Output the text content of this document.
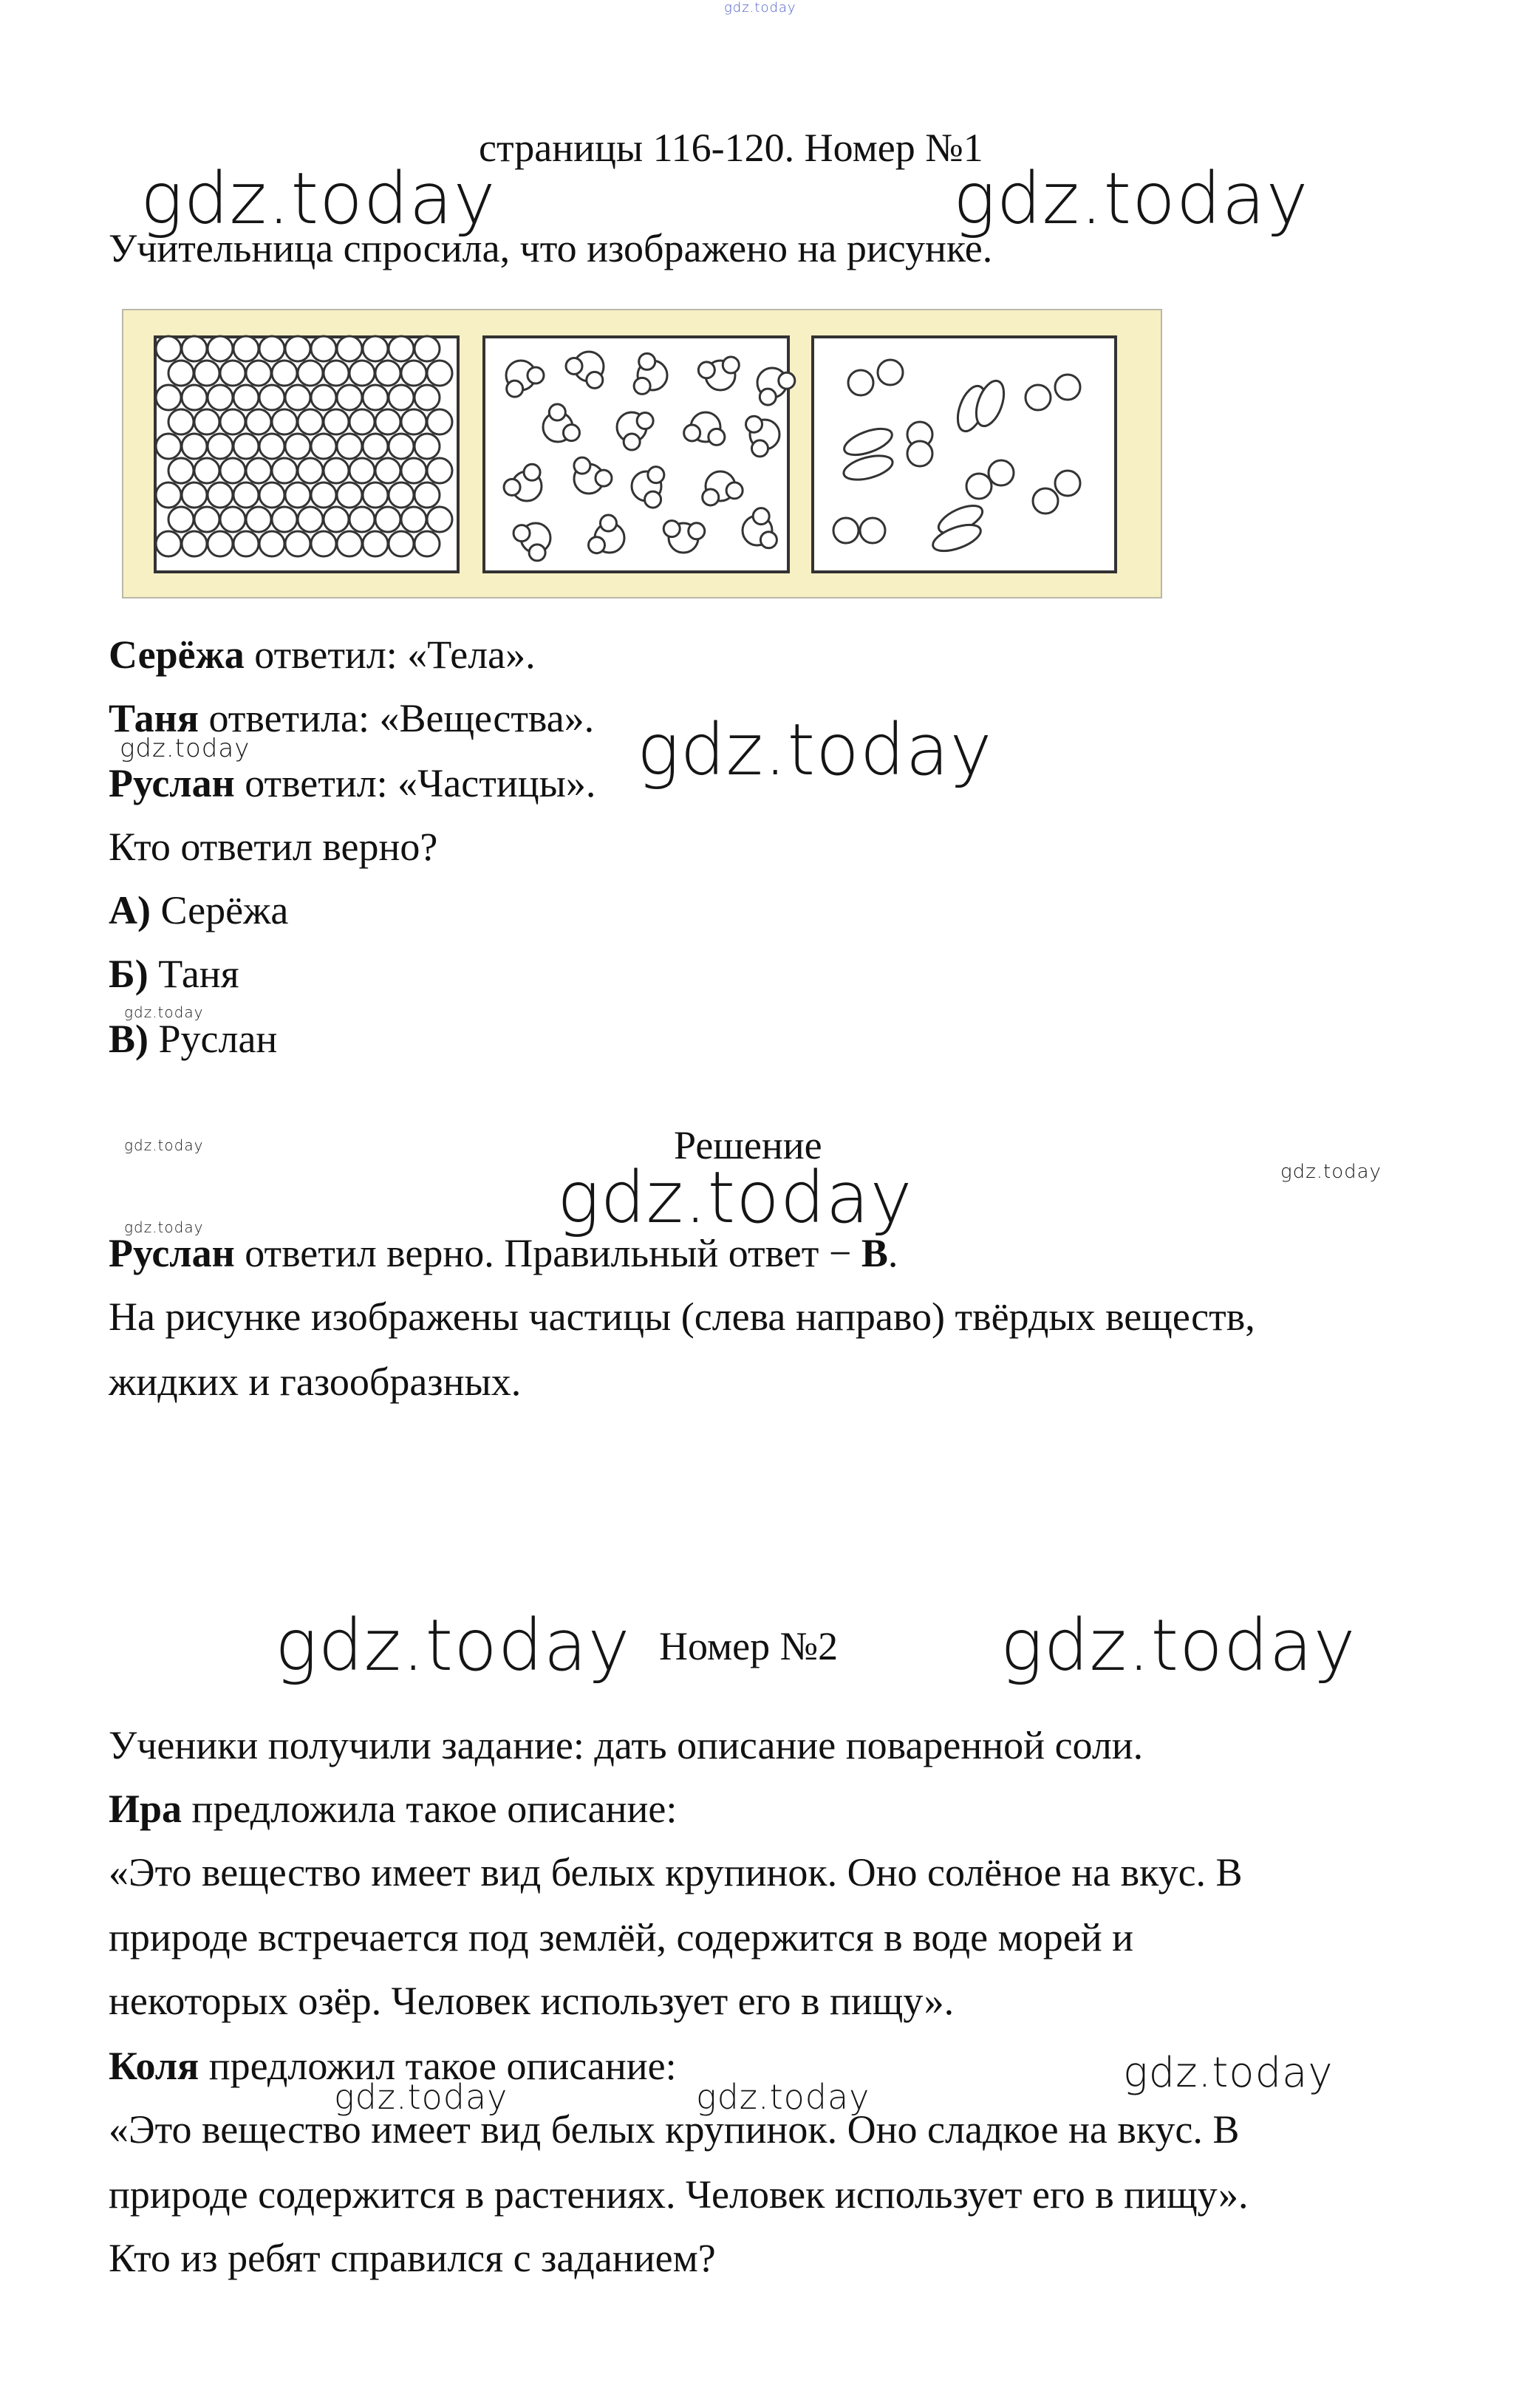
gdz.today
страницы 116-120. Номер №1
gdz.today	gdz.today
Учительница спросила, что изображено на рисунке.
Серёжа ответил: «Тела».
Таня ответила: «Вещества».
gdz.today	gdz.today
Руслан ответил: «Частицы».
Кто ответил верно?
А) Серёжа
Б) Таня
gdz.today
В) Руслан
gdz.today	Решение
gdz.today
gdz.today
gdz.today
Руслан ответил верно. Правильный ответ − В.
На рисунке изображены частицы (слева направо) твёрдых веществ,
жидких и газообразных.
gdz.today Номер №2 gdz.today
Ученики получили задание: дать описание поваренной соли.
Ира предложила такое описание:
«Это вещество имеет вид белых крупинок. Оно солёное на вкус. В
природе встречается под землёй, содержится в воде морей и
некоторых озёр. Человек использует его в пищу».
Коля предложил такое описание:	gdz.today
gdz.today	gdz.today
«Это вещество имеет вид белых крупинок. Оно сладкое на вкус. В
природе содержится в растениях. Человек использует его в пищу».
Кто из ребят справился с заданием?
